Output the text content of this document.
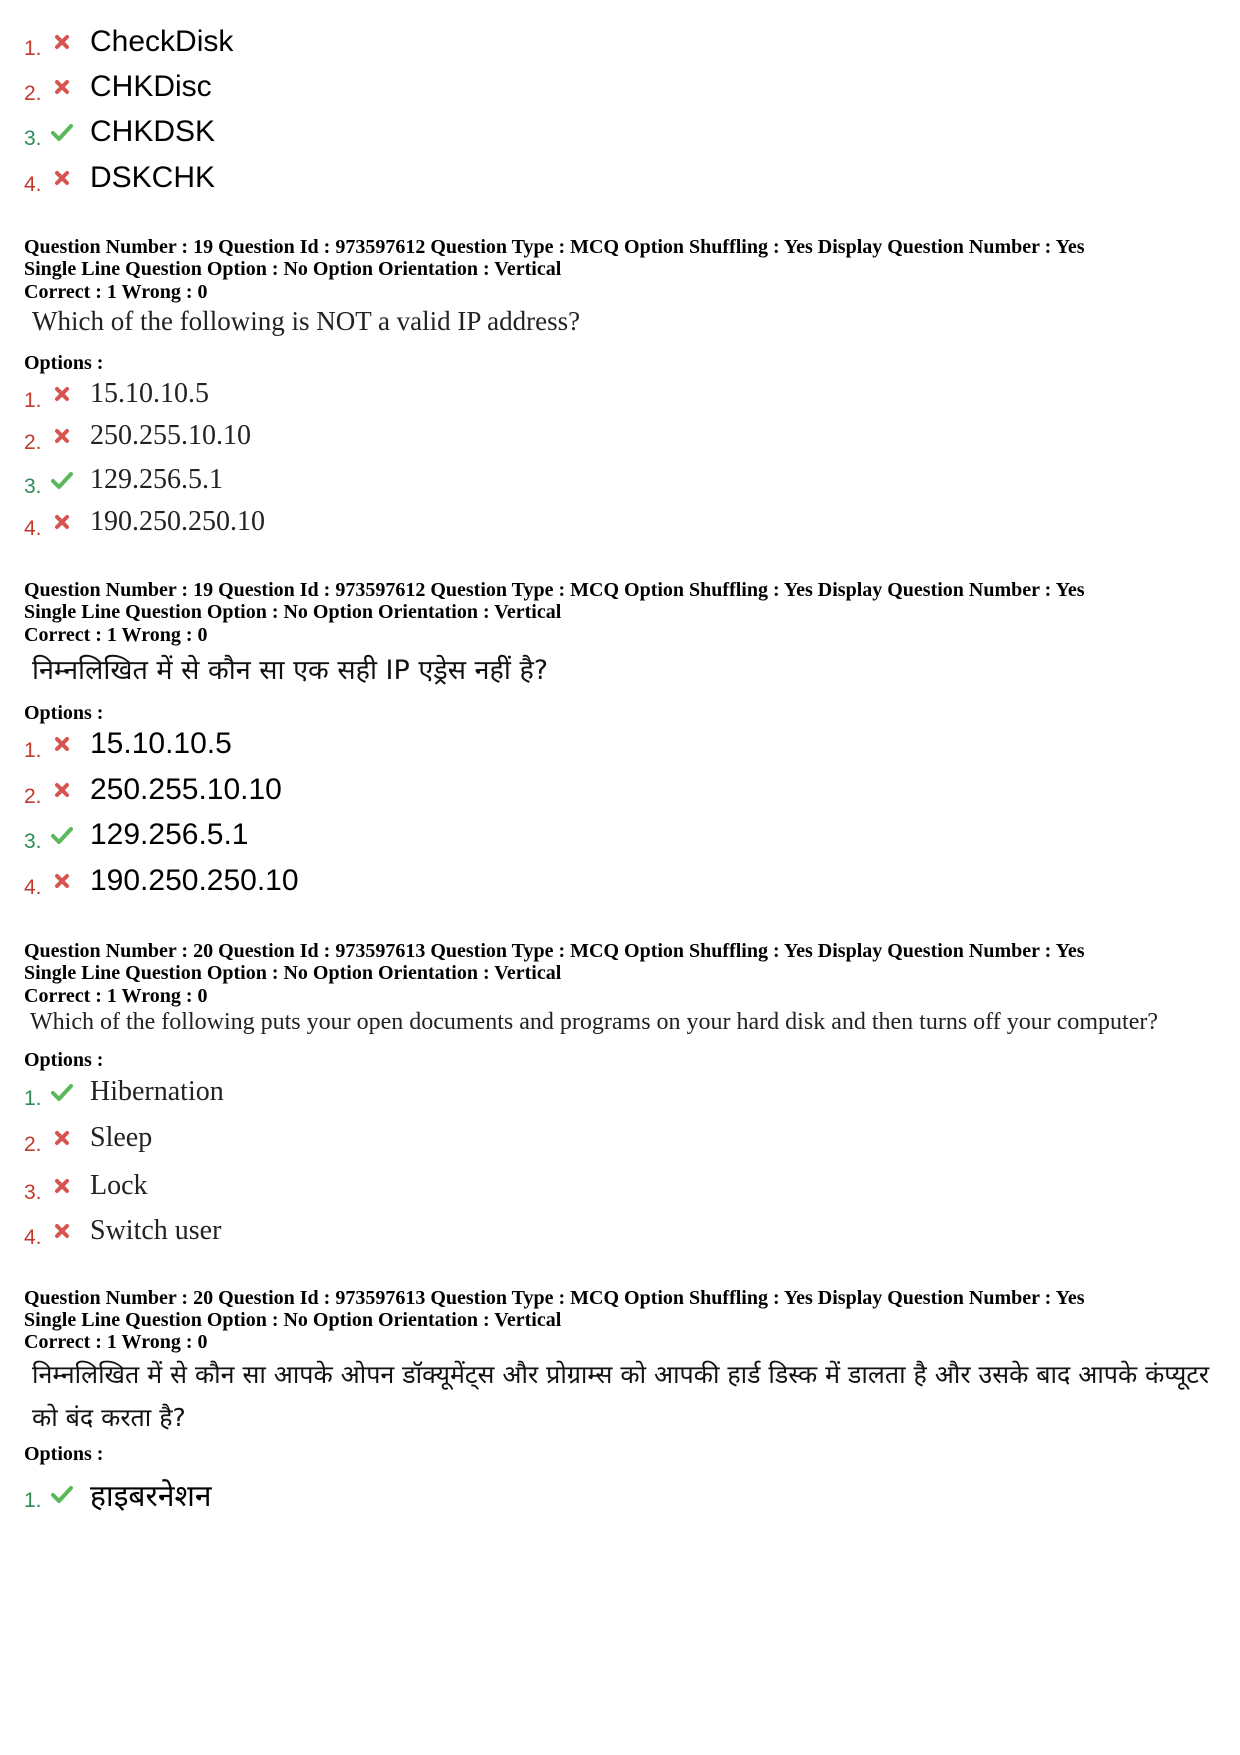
1. CheckDisk
2. CHKDisc
3. CHKDSK
4. DSKCHK
Question Number : 19 Question Id : 973597612 Question Type : MCQ Option Shuffling : Yes Display Question Number : Yes
Single Line Question Option : No Option Orientation : Vertical
Correct : 1 Wrong : 0
Which of the following is NOT a valid IP address?
Options :
1.	15.10.10.5
2.	250.255.10.10
3.	129.256.5.1
4.	190.250.250.10
Question Number : 19 Question Id : 973597612 Question Type : MCQ Option Shuffling : Yes Display Question Number : Yes
Single Line Question Option : No Option Orientation : Vertical
Correct : 1 Wrong : 0
निम्नलिखित में से कौन सा एक सही IP एड्रेस नहीं है?
Options :
1. 15.10.10.5
2. 250.255.10.10
3. 129.256.5.1
4. 190.250.250.10
Question Number : 20 Question Id : 973597613 Question Type : MCQ Option Shuffling : Yes Display Question Number : Yes
Single Line Question Option : No Option Orientation : Vertical
Correct : 1 Wrong : 0
Which of the following puts your open documents and programs on your hard disk and then turns off your computer?
Options :
1.	Hibernation
2.	Sleep
3.	Lock
4.	Switch user
Question Number : 20 Question Id : 973597613 Question Type : MCQ Option Shuffling : Yes Display Question Number : Yes
Single Line Question Option : No Option Orientation : Vertical
Correct : 1 Wrong : 0
निम्नलिखित में से कौन सा आपके ओपन डॉक्यूमेंट्स और प्रोग्राम्स को आपकी हार्ड डिस्क में डालता है और उसके बाद आपके कंप्यूटर को बंद करता है?
Options :
1. हाइबरनेशन
